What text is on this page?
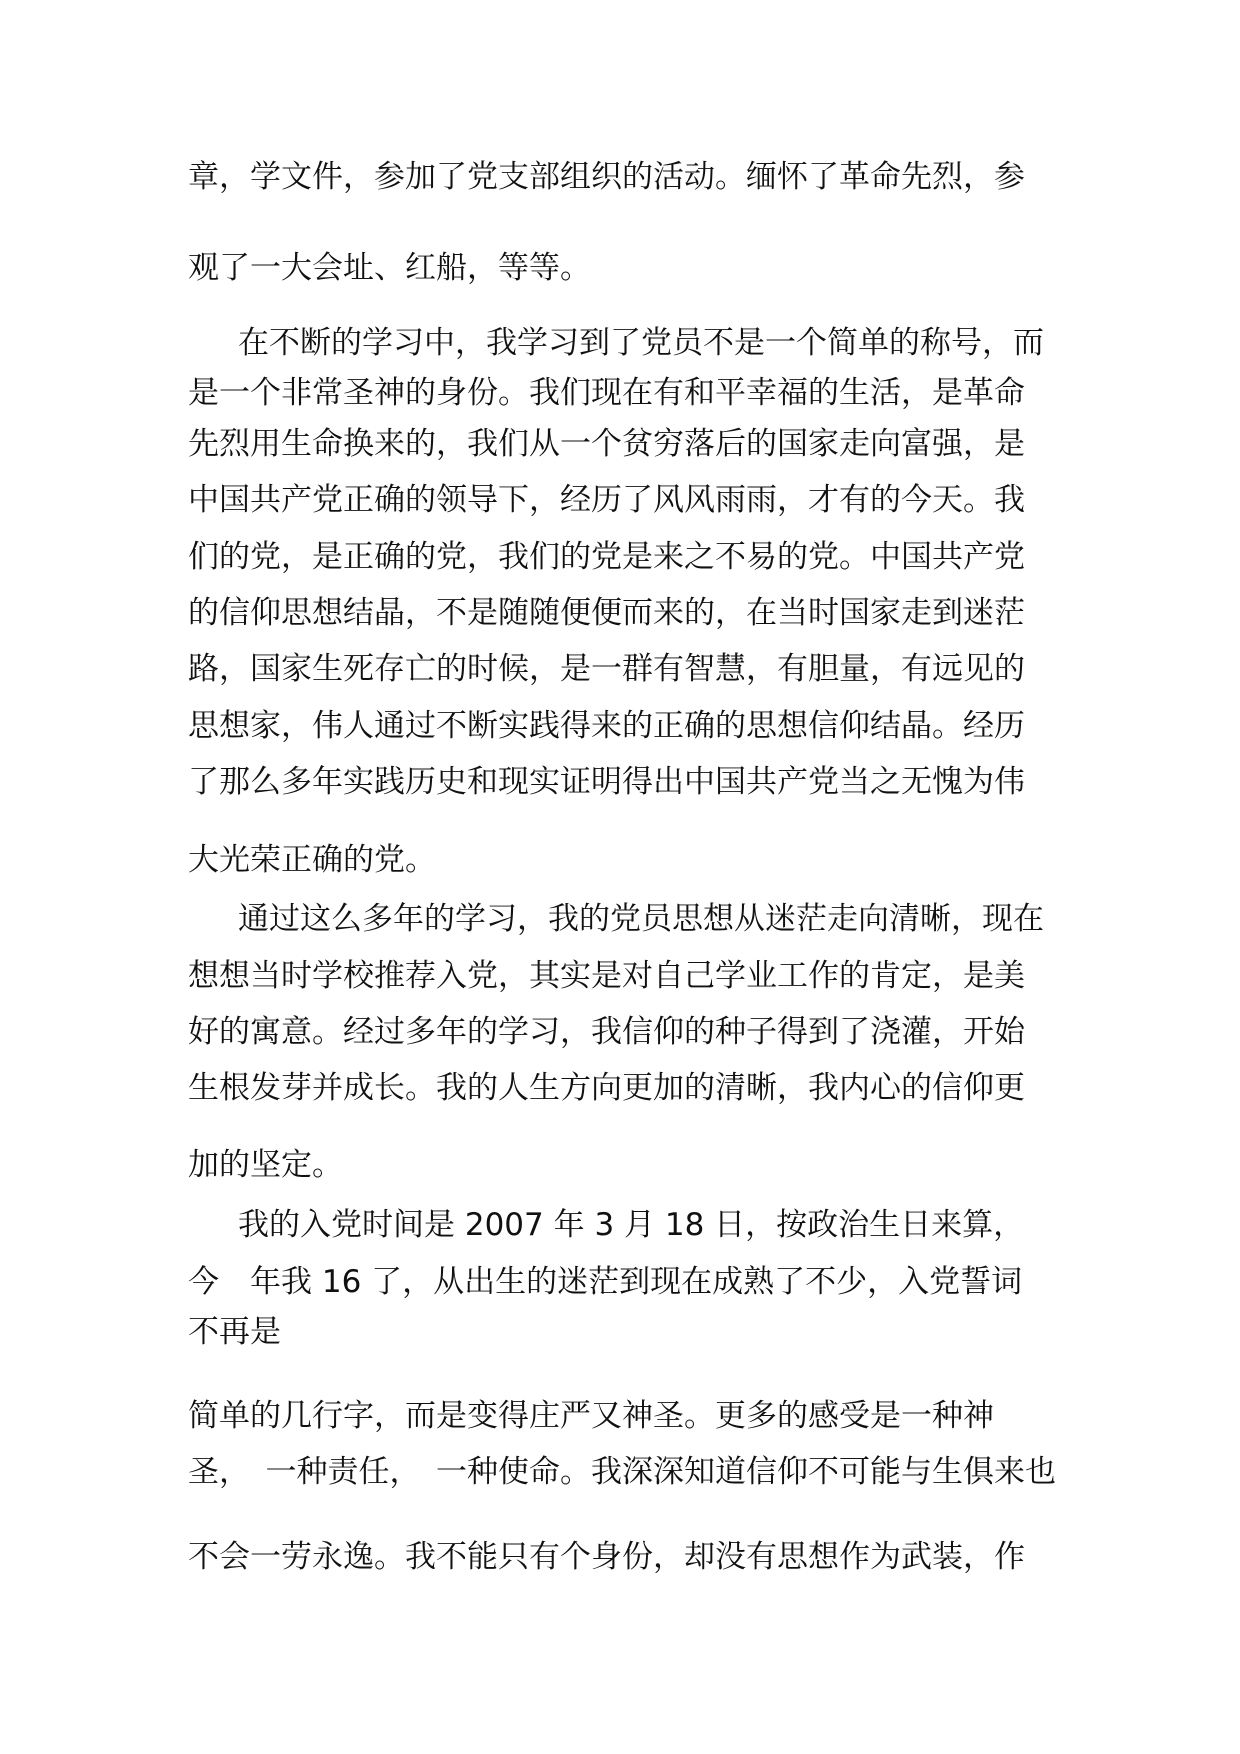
章，学文件，参加了党支部组织的活动。缅怀了革命先烈，参
观了一大会址、红船，等等。
在不断的学习中，我学习到了党员不是一个简单的称号，而
是一个非常圣神的身份。我们现在有和平幸福的生活，是革命
先烈用生命换来的，我们从一个贫穷落后的国家走向富强，是
中国共产党正确的领导下，经历了风风雨雨，才有的今天。我
们的党，是正确的党，我们的党是来之不易的党。中国共产党
的信仰思想结晶，不是随随便便而来的，在当时国家走到迷茫
路，国家生死存亡的时候，是一群有智慧，有胆量，有远见的
思想家，伟人通过不断实践得来的正确的思想信仰结晶。经历
了那么多年实践历史和现实证明得出中国共产党当之无愧为伟
大光荣正确的党。
通过这么多年的学习，我的党员思想从迷茫走向清晰，现在
想想当时学校推荐入党，其实是对自己学业工作的肯定，是美
好的寓意。经过多年的学习，我信仰的种子得到了浇灌，开始
生根发芽并成长。我的人生方向更加的清晰，我内心的信仰更
加的坚定。
我的入党时间是 2007 年 3 月 18 日，按政治生日来算，
今　年我 16 了，从出生的迷茫到现在成熟了不少，入党誓词
不再是
简单的几行字，而是变得庄严又神圣。更多的感受是一种神
圣，　一种责任，　一种使命。我深深知道信仰不可能与生俱来也
不会一劳永逸。我不能只有个身份，却没有思想作为武装，作
